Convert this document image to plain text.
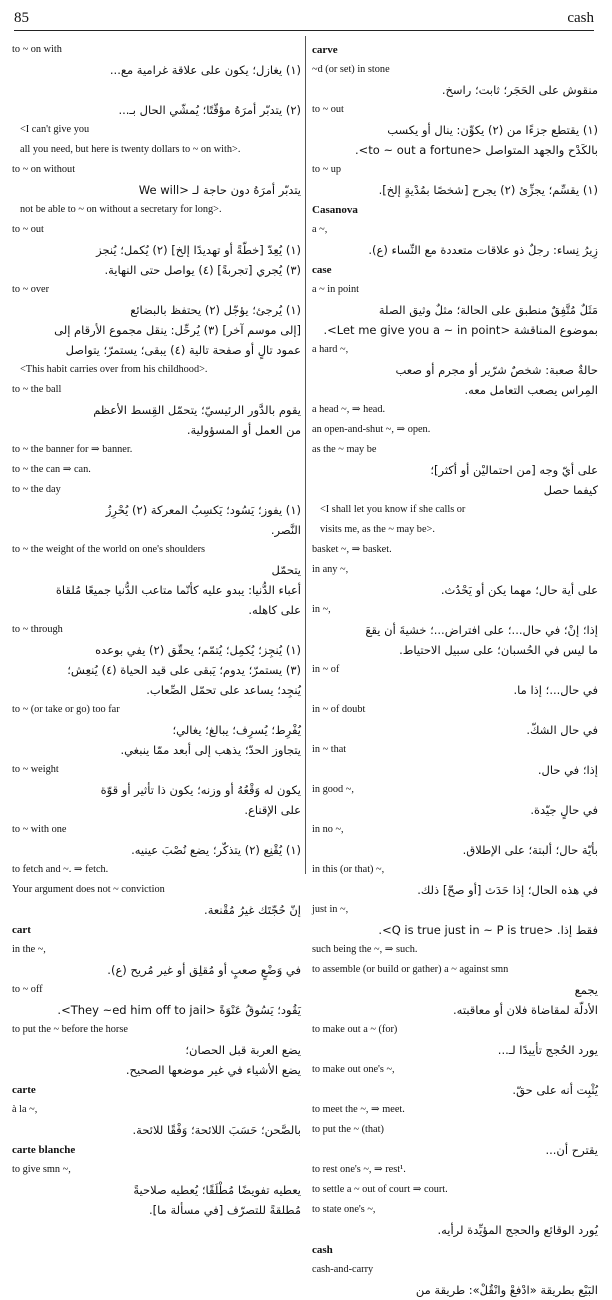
85	cash
to ~ on with
(١) يغازل؛ يكون على علاقة غرامية مع...

(٢) يتدبّر أمرَهُ مؤقّتًا؛ يُمشّي الحال بـ...
<I can't give you
all you need, but here is twenty dollars to ~ on with>.
to ~ on without
يتدبّر أمرَهُ دون حاجة لـ <We will
not be able to ~ on without a secretary for long>.
to ~ out
(١) يُعِدّ [خطّةً أو تهديدًا إلخ] (٢) يُكمل؛ يُنجز
(٣) يُجري [تجربةً] (٤) يواصل حتى النهاية.
to ~ over
(١) يُرجئ؛ يؤجّل (٢) يحتفظ بالبضائع
[إلى موسم آخر] (٣) يُرحِّل: ينقل مجموع الأرقام إلى
عمود تالٍ أو صفحة تالية (٤) يبقى؛ يستمرّ؛ يتواصل
<This habit carries over from his childhood>.
to ~ the ball
يقوم بالدَّور الرئيسيّ؛ يتحمّل القِسط الأعظم
من العمل أو المسؤولية.
to ~ the banner for ⇒ banner.
to ~ the can ⇒ can.
to ~ the day
(١) يفوز؛ يَسُود؛ يَكسِبُ المعركة (٢) يُحْرِزُ
النَّصر.
to ~ the weight of the world on one's shoulders
يتحمّل
أعباء الدُّنيا: يبدو عليه كأنّما متاعب الدُّنيا جميعًا مُلقاة
على كاهله.
to ~ through
(١) يُنجِز؛ يُكمِل؛ يُتمّم؛ يحقّق (٢) يفي بوعده
(٣) يستمرّ؛ يدوم؛ يَبقى على قيد الحياة (٤) يُنعِش؛
يُنجِد؛ يساعد على تحمّل الصِّعاب.
to ~ (or take or go) too far
يُفْرِط؛ يُسرِف؛ يبالغ؛ يغالي؛
يتجاوز الحدّ؛ يذهب إلى أبعد ممّا ينبغي.
to ~ weight
يكون له وَقْعُهُ أو وزنه؛ يكون ذا تأثير أو قوّة
على الإقناع.
to ~ with one
(١) يُقْنِع (٢) يتذكّر؛ يضع نُصْبَ عينيه.
to fetch and ~. ⇒ fetch.
Your argument does not ~ conviction
إنّ حُجّتَك غيرُ مُقْنعة.
cart
in the ~,
في وَضْعٍ صعبٍ أو مُقلِق أو غير مُريح (ع).
to ~ off
يَقُود؛ يَسُوقُ عَنْوَةً <They ~ed him off to jail>.
to put the ~ before the horse
يضع العربة قبل الحصان؛
يضع الأشياء في غير موضعها الصحيح.
carte
à la ~,
بالصَّحن؛ حَسَبَ اللائحة؛ وَفْقًا للائحة.
carte blanche
to give smn ~,
يعطيه تفويضًا مُطْلَقًا؛ يُعطيه صلاحيةً
مُطلقةً للتصرّف [في مسألة ما].
carve
~d (or set) in stone
منقوش على الحَجَر؛ ثابت؛ راسخ.
to ~ out
(١) يقتطع جزءًا من (٢) يكوِّن: ينال أو يكسب
بالكَدْح والجهد المتواصل <to ~ out a fortune>.
to ~ up
(١) يقسِّم؛ يجزِّئ (٢) يجرح [شخصًا بمُدْيةٍ إلخ].
Casanova
a ~,
زِيرُ نِساء: رجلٌ ذو علاقات متعددة مع النِّساء (ع).
case
a ~ in point
مَثَلٌ مُتَّفِقٌ منطبق على الحالة؛ مثلٌ وثيق الصلة
بموضوع المناقشة <Let me give you a ~ in point>.
a hard ~,
حالةٌ صعبة: شخصٌ شرّير أو مجرم أو صعب
المِراس يصعب التعامل معه.
a head ~, ⇒ head.
an open-and-shut ~, ⇒ open.
as the ~ may be
على أيّ وجه [من احتماليْن أو أكثر]؛
كيفما حصل
<I shall let you know if she calls or
visits me, as the ~ may be>.
basket ~, ⇒ basket.
in any ~,
على أية حال؛ مهما يكن أو يَحْدُث.
in ~,
إذا؛ إنْ؛ في حال...؛ على افتراض...؛ خشيةَ أن يقعَ
ما ليس في الحُسبان؛ على سبيل الاحتياط.
in ~ of
في حال...؛ إذا ما.
in ~ of doubt
في حال الشكّ.
in ~ that
إذا؛ في حال.
in good ~,
في حالٍ جيّدة.
in no ~,
بأيّة حال؛ ألبتة؛ على الإطلاق.
in this (or that) ~,
في هذه الحال؛ إذا حَدَث [أو صحّ] ذلك.
just in ~,
فقط إذا. <Q is true just in ~ P is true>.
such being the ~, ⇒ such.
to assemble (or build or gather) a ~ against smn
يجمع
الأدلّة لمقاضاة فلان أو معاقبته.
to make out a ~ (for)
يورد الحُجج تأييدًا لـ...
to make out one's ~,
يُثْبِت أنه على حقّ.
to meet the ~, ⇒ meet.
to put the ~ (that)
يقترح أن...
to rest one's ~, ⇒ rest¹.
to settle a ~ out of court ⇒ court.
to state one's ~,
يُورد الوقائع والحجج المؤيِّدة لرأيه.
cash
cash-and-carry
البَيْع بطريقة «ادْفعْ وانْقُلْ»: طريقة من
